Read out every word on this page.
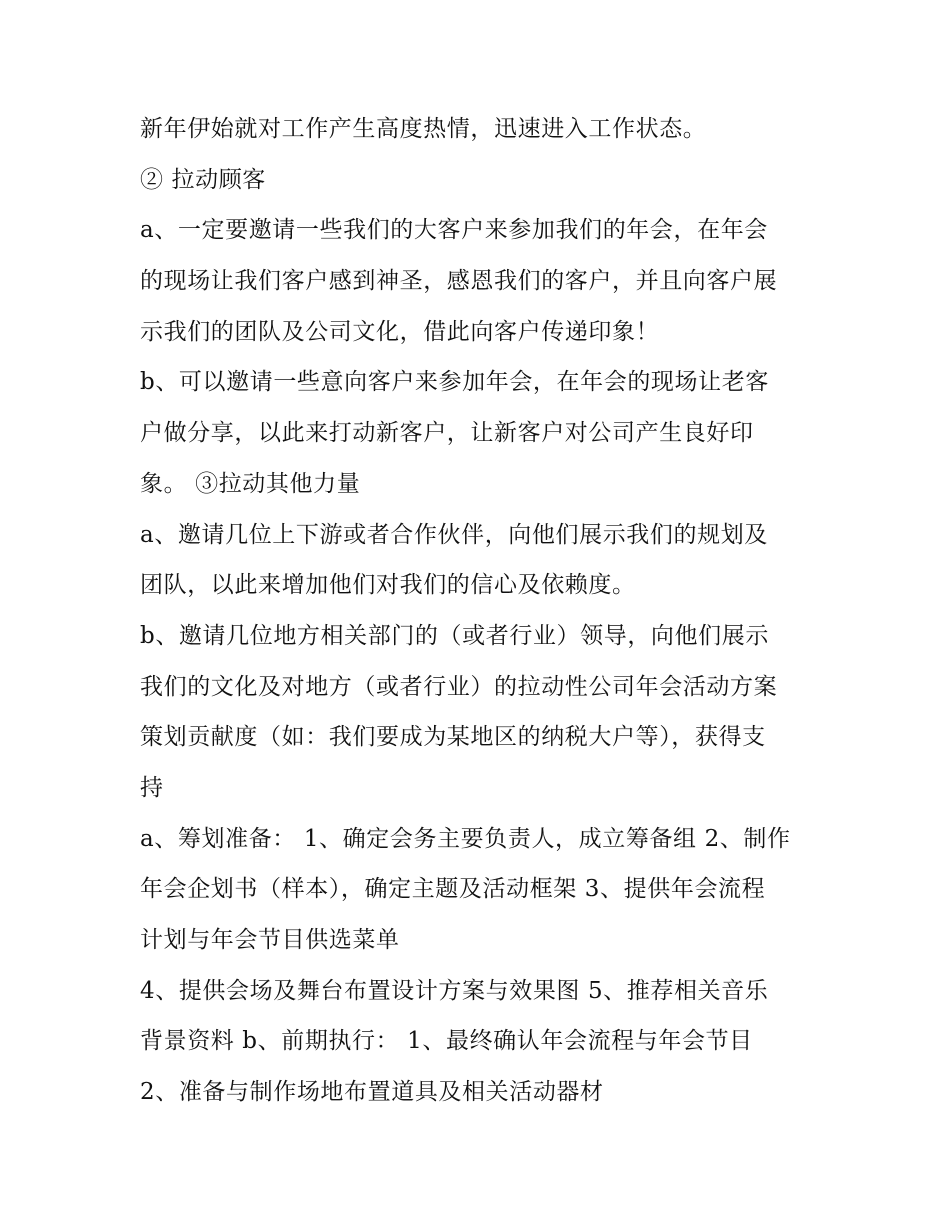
新年伊始就对工作产生高度热情，迅速进入工作状态。
② 拉动顾客
a、一定要邀请一些我们的大客户来参加我们的年会，在年会
的现场让我们客户感到神圣，感恩我们的客户，并且向客户展
示我们的团队及公司文化，借此向客户传递印象！
b、可以邀请一些意向客户来参加年会，在年会的现场让老客
户做分享，以此来打动新客户，让新客户对公司产生良好印
象。 ③拉动其他力量
a、邀请几位上下游或者合作伙伴，向他们展示我们的规划及
团队，以此来增加他们对我们的信心及依赖度。
b、邀请几位地方相关部门的（或者行业）领导，向他们展示
我们的文化及对地方（或者行业）的拉动性公司年会活动方案
策划贡献度（如：我们要成为某地区的纳税大户等），获得支
持
a、筹划准备： 1、确定会务主要负责人，成立筹备组 2、制作
年会企划书（样本），确定主题及活动框架 3、提供年会流程
计划与年会节目供选菜单
4、提供会场及舞台布置设计方案与效果图 5、推荐相关音乐
背景资料 b、前期执行： 1、最终确认年会流程与年会节目
2、准备与制作场地布置道具及相关活动器材
